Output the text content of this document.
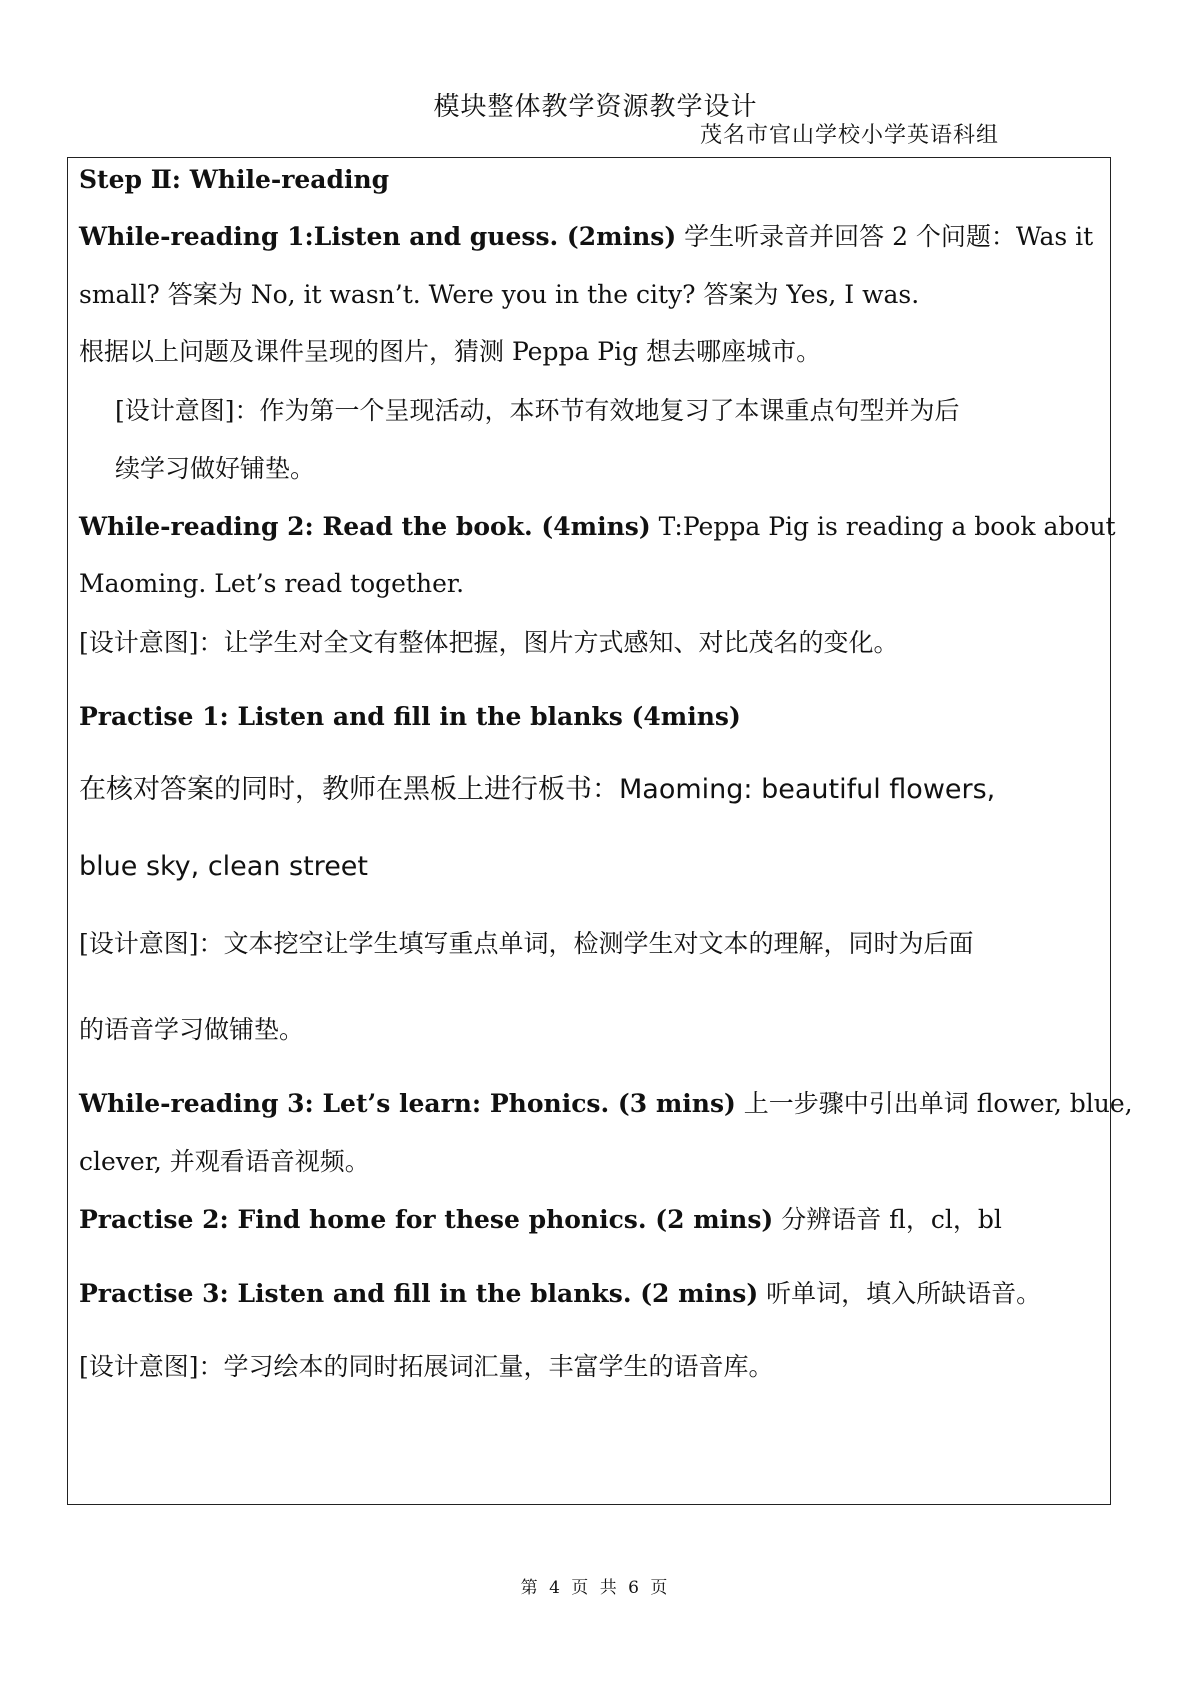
模块整体教学资源教学设计
茂名市官山学校小学英语科组
Step Ⅱ: While-reading
While-reading 1:Listen and guess. (2mins) 学生听录音并回答 2 个问题：Was it
small? 答案为 No, it wasn’t. Were you in the city? 答案为 Yes, I was.
根据以上问题及课件呈现的图片，猜测 Peppa Pig 想去哪座城市。
[设计意图]：作为第一个呈现活动，本环节有效地复习了本课重点句型并为后
续学习做好铺垫。
While-reading 2: Read the book. (4mins) T:Peppa Pig is reading a book about
Maoming. Let’s read together.
[设计意图]：让学生对全文有整体把握，图片方式感知、对比茂名的变化。
Practise 1: Listen and fill in the blanks (4mins)
在核对答案的同时，教师在黑板上进行板书：Maoming: beautiful flowers,
blue sky, clean street
[设计意图]：文本挖空让学生填写重点单词，检测学生对文本的理解，同时为后面
的语音学习做铺垫。
While-reading 3: Let’s learn: Phonics. (3 mins) 上一步骤中引出单词 flower, blue,
clever, 并观看语音视频。
Practise 2: Find home for these phonics. (2 mins) 分辨语音 fl，cl，bl
Practise 3: Listen and fill in the blanks. (2 mins) 听单词，填入所缺语音。
[设计意图]：学习绘本的同时拓展词汇量，丰富学生的语音库。
第 4 页 共 6 页
